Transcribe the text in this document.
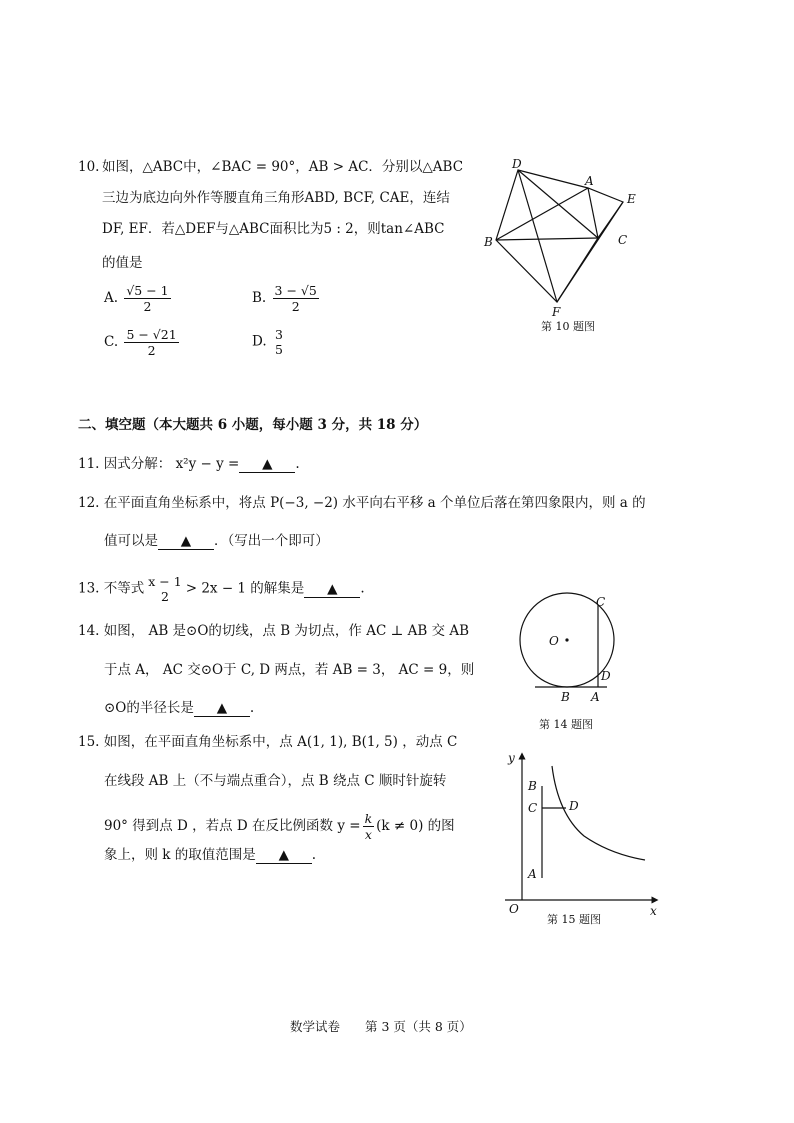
10. 如图，△ABC中，∠BAC = 90°，AB > AC．分别以△ABC
三边为底边向外作等腰直角三角形ABD, BCF, CAE，连结
DF, EF．若△DEF与△ABC面积比为5 : 2，则tan∠ABC
的值是
A. $\frac{√5 - 1}{2}$	B. $\frac{3 - √5}{2}$
C. $\frac{5 - √21}{2}$	D. 3
5
D
A
E
B	C
F
第 10 题图
二、填空题（本大题共 6 小题，每小题 3 分，共 18 分）
11. 因式分解： x²y − y = ▲ .
12. 在平面直角坐标系中，将点 P(−3, −2) 水平向右平移 a 个单位后落在第四象限内，则 a 的
值可以是 ▲ ．（写出一个即可）
13. 不等式 x − 1
2	> 2x − 1 的解集是 ▲ .
14. 如图， AB 是⊙O的切线，点 B 为切点，作 AC ⊥ AB 交 AB
于点 A， AC 交⊙O于 C, D 两点，若 AB = 3， AC = 9，则
⊙O的半径长是 ▲ .
C
O
D
B A
第 14 题图
15. 如图，在平面直角坐标系中，点 A(1, 1), B(1, 5) ，动点 C
在线段 AB 上（不与端点重合），点 B 绕点 C 顺时针旋转
90° 得到点 D ，若点 D 在反比例函数 $y = \frac{k}{x} (k \ne 0)$ 的图
象上，则 k 的取值范围是 ▲ .
y
B
C	D
A
O	x
第 15 题图
数学试卷　　第 3 页（共 8 页）
